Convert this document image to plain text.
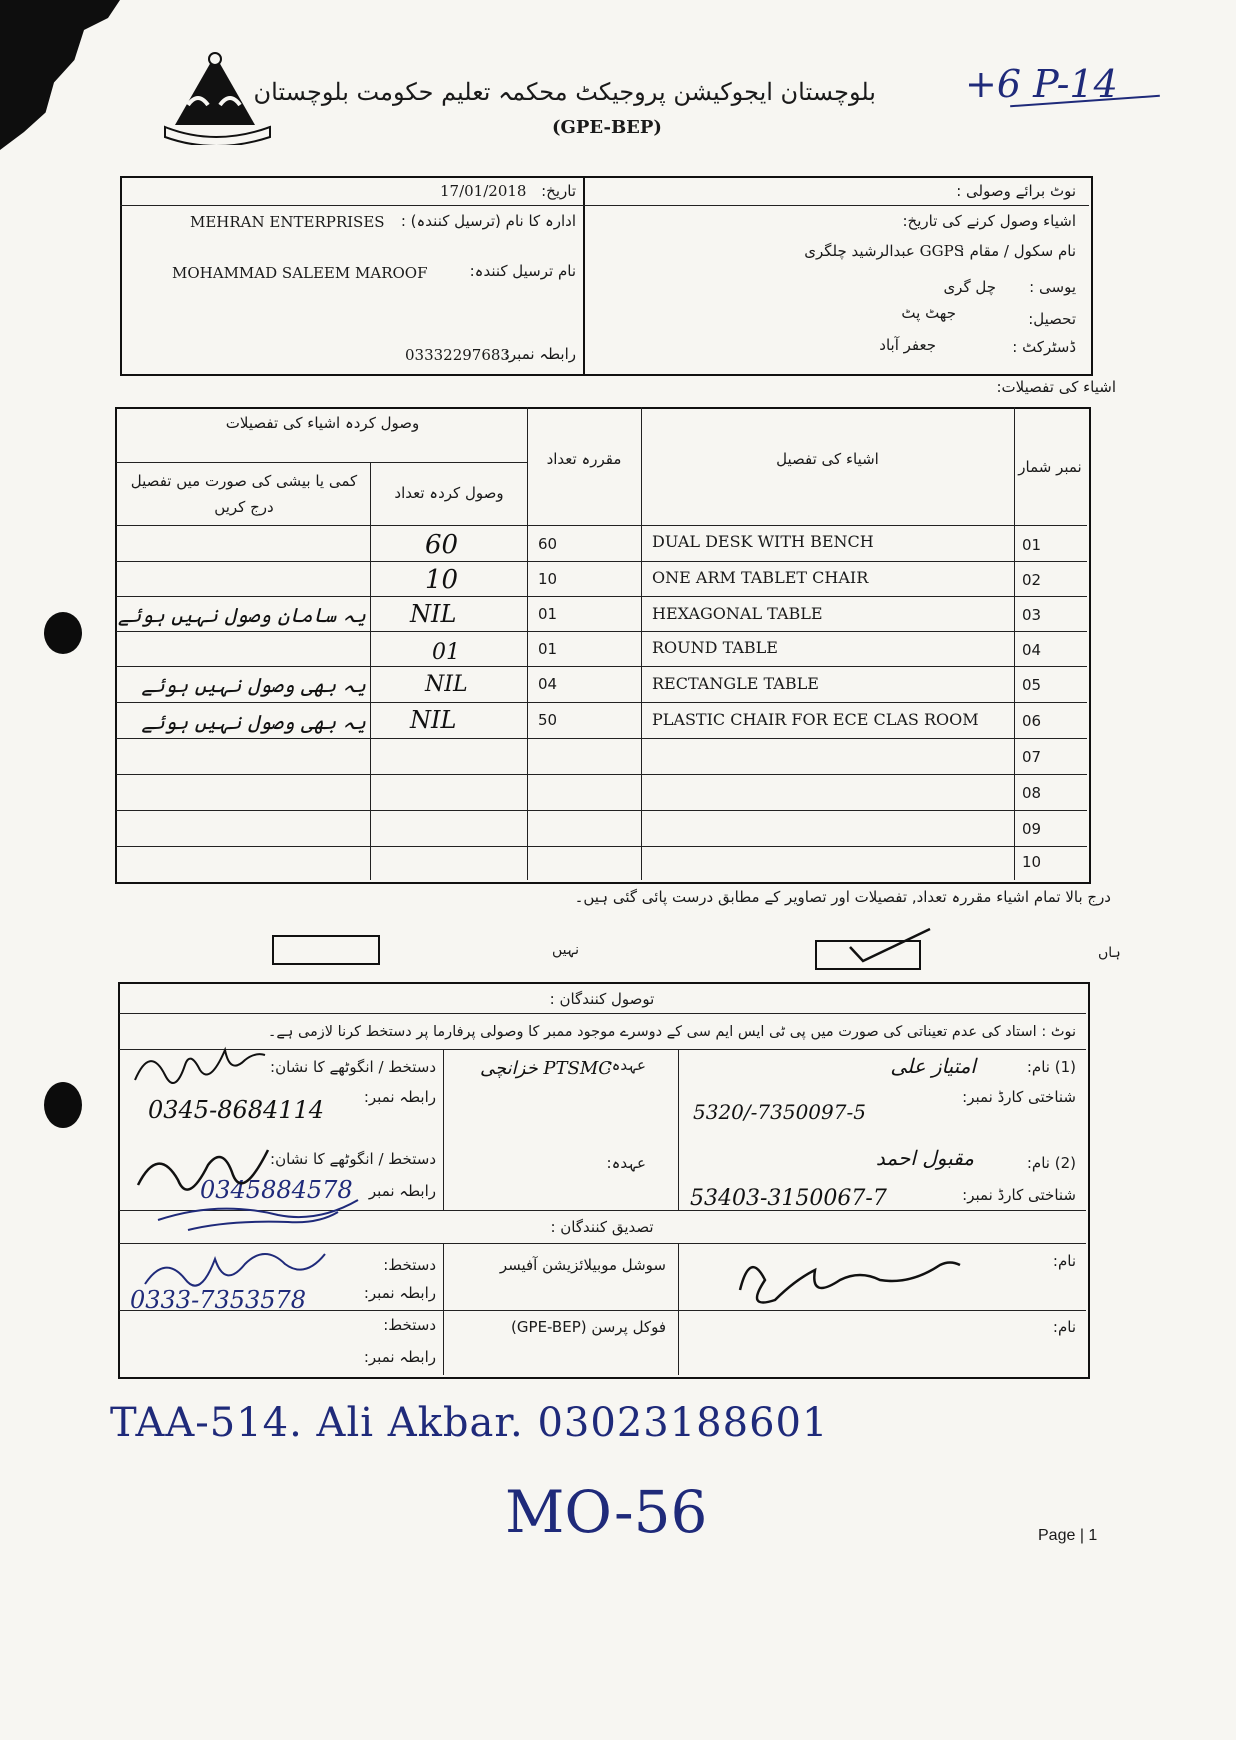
بلوچستان ایجوکیشن پروجیکٹ محکمہ تعلیم حکومت بلوچستان
(GPE-BEP)
+6 P-14
نوٹ برائے وصولی :
تاریخ:
17/01/2018
اشیاء وصول کرنے کی تاریخ:
ادارہ کا نام (ترسیل کنندہ) :
MEHRAN ENTERPRISES
نام سکول / مقام :
GGPS عبدالرشید چلگری
نام ترسیل کنندہ:
MOHAMMAD SALEEM MAROOF
یوسی :
چل گری
تحصیل:
جھٹ پٹ
ڈسٹرکٹ :
جعفر آباد
رابطہ نمبر:
03332297683
اشیاء کی تفصیلات:
نمبر شمار
اشیاء کی تفصیل
مقررہ تعداد
وصول کردہ اشیاء کی تفصیلات
وصول کردہ تعداد
کمی یا بیشی کی صورت میں تفصیل درج کریں
01
DUAL DESK WITH BENCH
60
60
02
ONE ARM TABLET CHAIR
10
10
03
HEXAGONAL TABLE
01
NIL
یہ سامان وصول نہیں ہوئے
04
ROUND TABLE
01
01
05
RECTANGLE TABLE
04
NIL
یہ بھی وصول نہیں ہوئے
06
PLASTIC CHAIR FOR ECE CLAS ROOM
50
NIL
یہ بھی وصول نہیں ہوئے
07
08
09
10
درج بالا تمام اشیاء مقررہ تعداد, تفصیلات اور تصاویر کے مطابق درست پائی گئی ہیں۔
نہیں	ہاں
توصول کنندگان :
نوٹ : استاد کی عدم تعیناتی کی صورت میں پی ٹی ایس ایم سی کے دوسرے موجود ممبر کا وصولی پرفارما پر دستخط کرنا لازمی ہے۔
(1) نام:
امتیاز علی
شناختی کارڈ نمبر:
5320/-7350097-5
عہدہ:
خزانچی PTSMC
دستخط / انگوٹھے کا نشان:
رابطہ نمبر:
0345-8684114
(2) نام:
مقبول احمد
شناختی کارڈ نمبر:
53403-3150067-7
عہدہ:
دستخط / انگوٹھے کا نشان:
رابطہ نمبر
0345884578
تصدیق کنندگان :
نام:
سوشل موبیلائزیشن آفیسر
دستخط:
رابطہ نمبر:
0333-7353578
نام:
فوکل پرسن (GPE-BEP)
دستخط:
رابطہ نمبر:
TAA-514. Ali Akbar. 03023188601
MO-56	Page | 1
